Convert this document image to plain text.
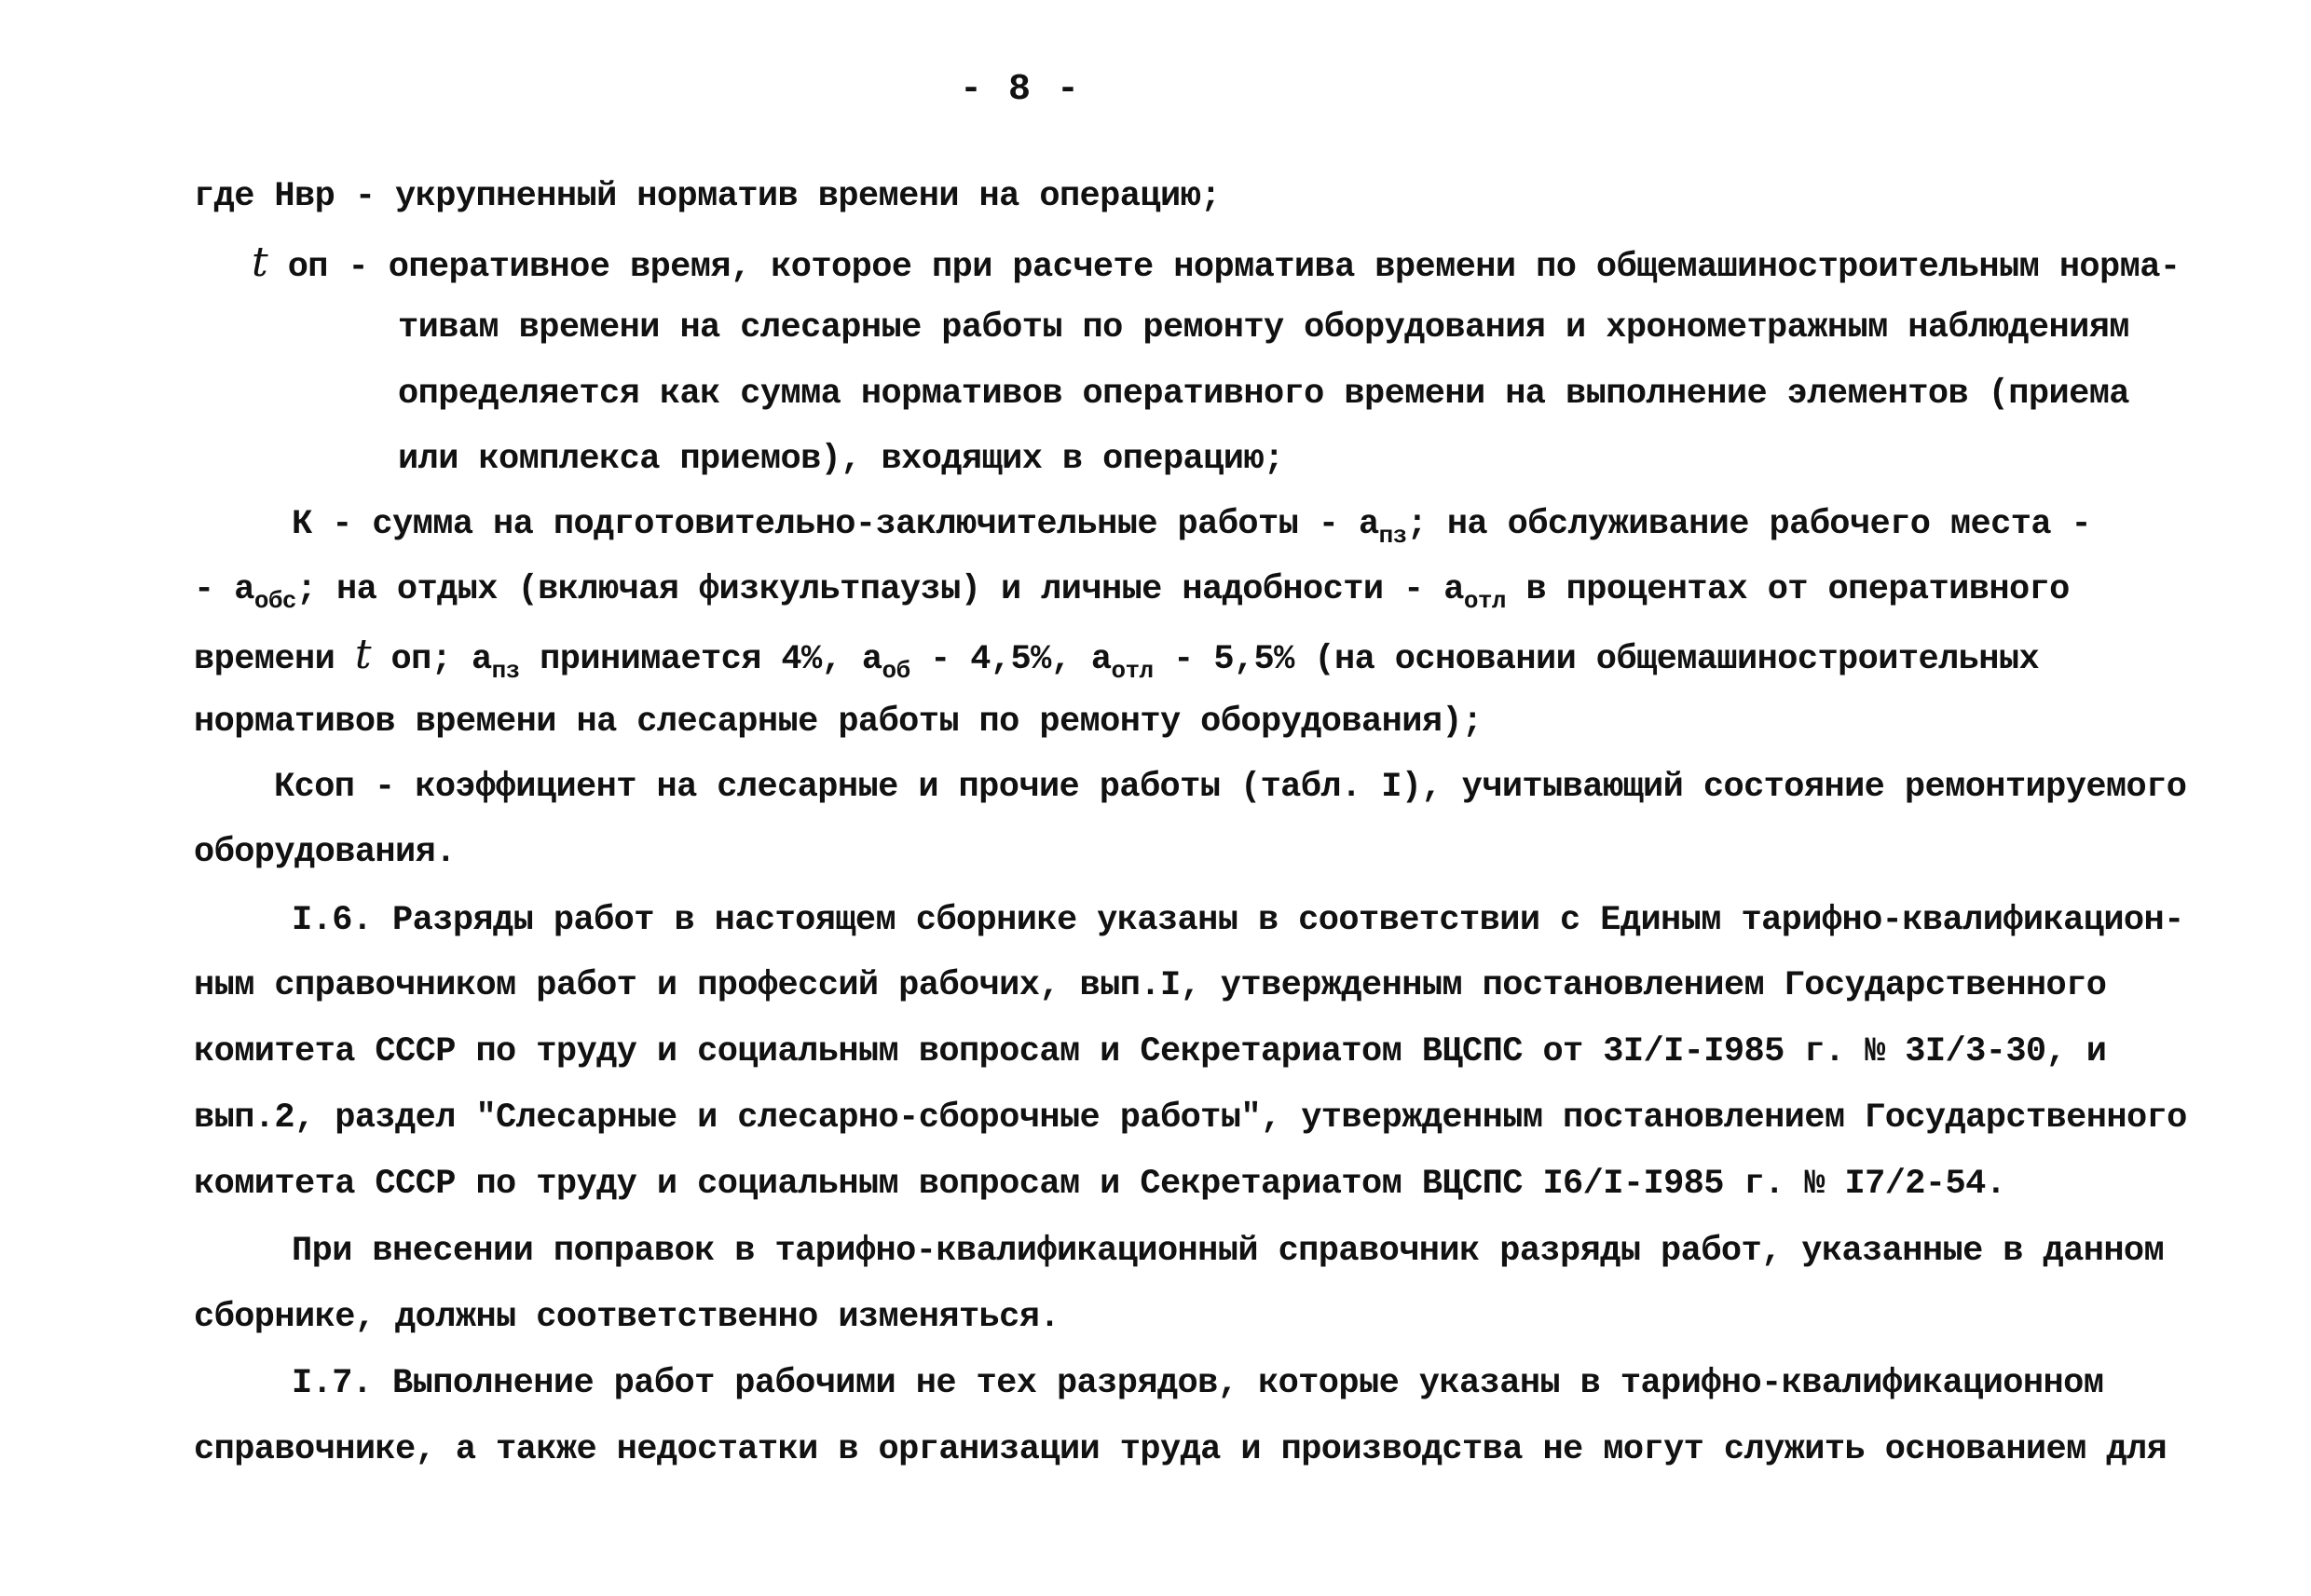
- 8 -
где Нвр - укрупненный норматив времени на операцию;
t оп - оперативное время, которое при расчете норматива времени по общемашиностроительным норма-
тивам времени на слесарные работы по ремонту оборудования и хронометражным наблюдениям
определяется как сумма нормативов оперативного времени на выполнение элементов (приема
или комплекса приемов), входящих в операцию;
К - сумма на подготовительно-заключительные работы - $а_{пз}$; на обслуживание рабочего места -
- $а_{обс}$; на отдых (включая физкультпаузы) и личные надобности - $а_{отл}$ в процентах от оперативного
времени t оп; $а_{пз}$ принимается 4%, $а_{об} - 4,5\%$, $а_{отл} - 5,5\%$ (на основании общемашиностроительных
нормативов времени на слесарные работы по ремонту оборудования);
Ксоп - коэффициент на слесарные и прочие работы (табл. I), учитывающий состояние ремонтируемого
оборудования.
I.6. Разряды работ в настоящем сборнике указаны в соответствии с Единым тарифно-квалификацион-
ным справочником работ и профессий рабочих, вып.I, утвержденным постановлением Государственного
комитета СССР по труду и социальным вопросам и Секретариатом ВЦСПС от 3I/I-I985 г. № 3I/3-30, и
вып.2, раздел "Слесарные и слесарно-сборочные работы", утвержденным постановлением Государственного
комитета СССР по труду и социальным вопросам и Секретариатом ВЦСПС I6/I-I985 г. № I7/2-54.
При внесении поправок в тарифно-квалификационный справочник разряды работ, указанные в данном
сборнике, должны соответственно изменяться.
I.7. Выполнение работ рабочими не тех разрядов, которые указаны в тарифно-квалификационном
справочнике, а также недостатки в организации труда и производства не могут служить основанием для
